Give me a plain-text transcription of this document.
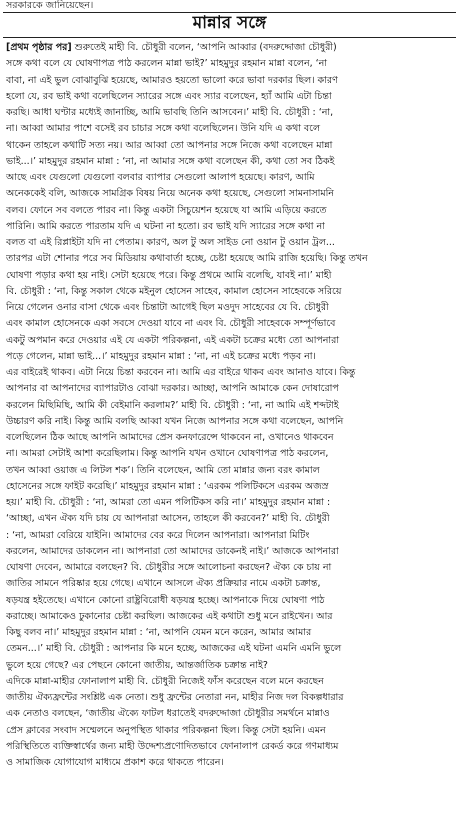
সরকারকে জানিয়েছেন।
মান্নার সঙ্গে
[প্রথম পৃষ্ঠার পর] শুরুতেই মাহী বি. চৌধুরী বলেন, ‘আপনি আব্বার (বদরুদ্দোজা চৌধুরী)
সঙ্গে কথা বলে যে ঘোষণাপত্র পাঠ করলেন মান্না ভাই?’ মাহমুদুর রহমান মান্না বলেন, ‘না
বাবা, না এই ভুল বোঝাবুঝি হয়েছে, আমারও হয়তো ভালো করে ভাবা দরকার ছিল। কারণ
হলো যে, রব ভাই কথা বলেছিলেন স্যারের সঙ্গে এবং স্যার বলেছেন, হ্যাঁ আমি এটা চিন্তা
করছি। আধা ঘণ্টার মধ্যেই জানাচ্ছি, আমি ভাবছি তিনি আসবেন।’ মাহী বি. চৌধুরী : ‘না,
না। আব্বা আমার পাশে বসেই রব চাচার সঙ্গে কথা বলেছিলেন। উনি যদি এ কথা বলে
থাকেন তাহলে কথাটি সত্য নয়। আর আব্বা তো আপনার সঙ্গে নিজে কথা বলেছেন মান্না
ভাই...।’ মাহমুদুর রহমান মান্না : ‘না, না আমার সঙ্গে কথা বলেছেন কী, কথা তো সব ঠিকই
আছে এবং যেগুলো যেগুলো বলবার ব্যাপার সেগুলো আলাপ হয়েছে। কারণ, আমি
অনেককেই বলি, আজকে সামগ্রিক বিষয় নিয়ে অনেক কথা হয়েছে, সেগুলো সামনাসামনি
বলব। ফোনে সব বলতে পারব না। কিন্তু একটা সিচুয়েশন হয়েছে যা আমি এড়িয়ে করতে
পারিনি। আমি করতে পারতাম যদি এ ঘটনা না হতো। রব ভাই যদি স্যারের সঙ্গে কথা না
বলত বা এই রিপ্লাইটা যদি না পেতাম। কারণ, অল টু অল সাইড নো ওয়ান টু ওয়ান ট্রল...
তারপর এটা শোনার পরে সব মিডিয়ায় কথাবার্তা হচ্ছে, চেষ্টা হয়েছে আমি রাজি হয়েছি। কিন্তু তখন
ঘোষণা পড়ার কথা হয় নাই। সেটা হয়েছে পরে। কিন্তু প্রথমে আমি বলেছি, যাবই না।’ মাহী
বি. চৌধুরী : ‘না, কিন্তু সকাল থেকে মইনুল হোসেন সাহেব, কামাল হোসেন সাহেবকে সরিয়ে
নিয়ে গেলেন ওনার বাসা থেকে এবং চিন্তাটা আগেই ছিল মওদুদ সাহেবের যে বি. চৌধুরী
এবং কামাল হোসেনকে একা সবসে দেওয়া যাবে না এবং বি. চৌধুরী সাহেবকে সম্পূর্ণভাবে
একটু অপমান করে দেওয়ার এই যে একটা পরিকল্পনা, এই একটা চক্রের মধ্যে তো আপনারা
পড়ে গেলেন, মান্না ভাই...।’ মাহমুদুর রহমান মান্না : ‘না, না এই চক্রের মধ্যে পড়ব না।
এর বাইরেই থাকব। এটা নিয়ে চিন্তা করবেন না। আমি এর বাইরে থাকব এবং আনাও যাবে। কিন্তু
আপনার বা আপনাদের ব্যাপারটাও বোঝা দরকার। আচ্ছা, আপনি আমাকে কেন দোষারোপ
করলেন মিছিমিছি, আমি কী বেইমানি করলাম?’ মাহী বি. চৌধুরী : ‘না, না আমি এই শব্দটাই
উচ্চারণ করি নাই। কিন্তু আমি বলছি আব্বা যখন নিজে আপনার সঙ্গে কথা বলেছেন, আপনি
বলেছিলেন ঠিক আছে আপনি আমাদের প্রেস কনফারেন্সে থাকবেন না, ওখানেও থাকবেন
না। আমরা সেটাই আশা করেছিলাম। কিন্তু আপনি যখন ওখানে ঘোষণাপত্র পাঠ করলেন,
তখন আব্বা ওয়াজ এ লিটল শক’। তিনি বলেছেন, আমি তো মান্নার জন্য বরং কামাল
হোসেনের সঙ্গে ফাইট করেছি।’ মাহমুদুর রহমান মান্না : ‘এরকম পলিটিকসে এরকম অজস্র
হয়।’ মাহী বি. চৌধুরী : ‘না, আমরা তো এমন পলিটিকস করি না।’ মাহমুদুর রহমান মান্না :
‘আচ্ছা, এখন ঐক্য যদি চায় যে আপনারা আসেন, তাহলে কী করবেন?’ মাহী বি. চৌধুরী
: ‘না, আমরা বেরিয়ে যাইনি। আমাদের বের করে দিলেন আপনারা। আপনারা মিটিং
করলেন, আমাদের ডাকলেন না। আপনারা তো আমাদের ডাকেনই নাই।’ আজকে আপনারা
ঘোষণা দেবেন, আমারে বলছেন? বি. চৌধুরীর সঙ্গে আলোচনা করছেন? ঐক্য কে চায় না
জাতির সামনে পরিষ্কার হয়ে গেছে। এখানে আসলে ঐক্য প্রক্রিয়ার নামে একটা চক্রান্ত,
ষড়যন্ত্র হইতেছে। এখানে কোনো রাষ্ট্রবিরোধী ষড়যন্ত্র হচ্ছে। আপনাকে দিয়ে ঘোষণা পাঠ
করাচ্ছে। আমাকেও ঢুকানোর চেষ্টা করছিল। আজকের এই কথাটা শুধু মনে রাইখেন। আর
কিছু বলব না।’ মাহমুদুর রহমান মান্না : ‘না, আপনি যেমন মনে করেন, আমার আমার
তেমন...।’ মাহী বি. চৌধুরী : আপনার কি মনে হচ্ছে, আজকের এই ঘটনা এমনি এমনি ভুলে
ভুলে হয়ে গেছে? এর পেছনে কোনো জাতীয়, আন্তর্জাতিক চক্রান্ত নাই?
এদিকে মান্না-মাহীর ফোনালাপ মাহী বি. চৌধুরী নিজেই ফাঁস করেছেন বলে মনে করছেন
জাতীয় ঐক্যফ্রন্টের সংশ্লিষ্ট এক নেতা। শুধু ফ্রন্টের নেতারা নন, মাহীর নিজ দল বিকল্পধারার
এক নেতাও বলছেন, ‘জাতীয় ঐক্যে ফাটল ধরাতেই বদরুদ্দোজা চৌধুরীর সমর্থনে মান্নাও
প্রেস ক্লাবের সংবাদ সম্মেলনে অনুপস্থিত থাকার পরিকল্পনা ছিল। কিন্তু সেটা হয়নি। এমন
পরিস্থিতিতে ব্যক্তিস্বার্থের জন্য মাহী উদ্দেশ্যপ্রণোদিতভাবে ফোনালাপ রেকর্ড করে গণমাধ্যম
ও সামাজিক যোগাযোগ মাধ্যমে প্রকাশ করে থাকতে পারেন।
